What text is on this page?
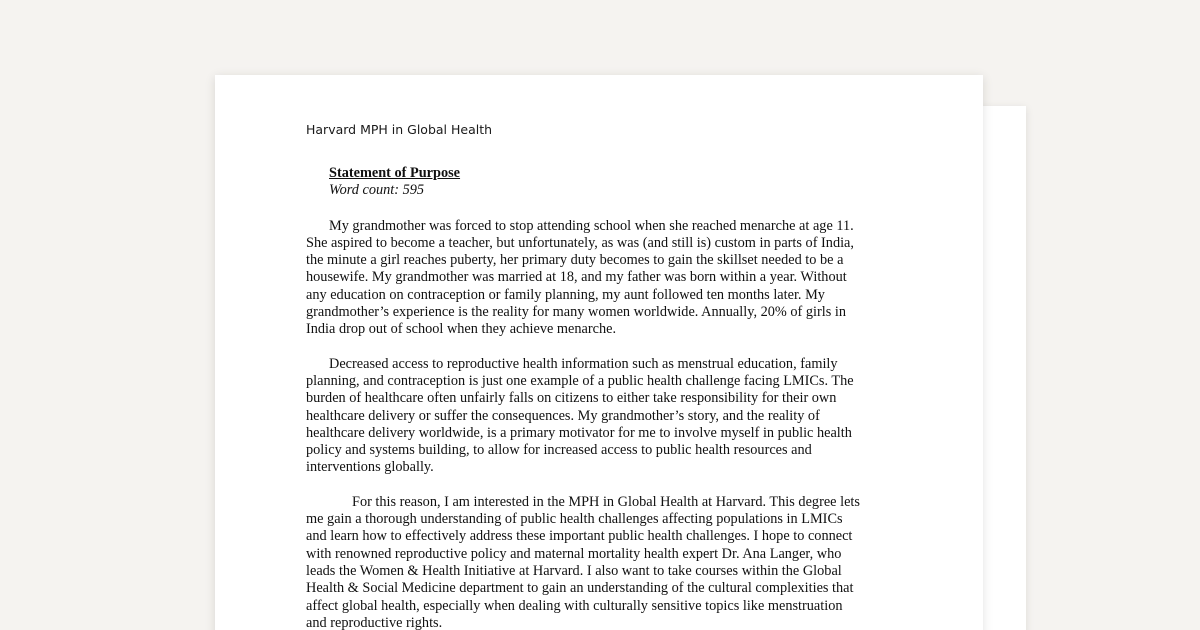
Harvard MPH in Global Health
Statement of Purpose
Word count: 595
My grandmother was forced to stop attending school when she reached menarche at age 11.
She aspired to become a teacher, but unfortunately, as was (and still is) custom in parts of India,
the minute a girl reaches puberty, her primary duty becomes to gain the skillset needed to be a
housewife. My grandmother was married at 18, and my father was born within a year. Without
any education on contraception or family planning, my aunt followed ten months later. My
grandmother’s experience is the reality for many women worldwide. Annually, 20% of girls in
India drop out of school when they achieve menarche.
Decreased access to reproductive health information such as menstrual education, family
planning, and contraception is just one example of a public health challenge facing LMICs. The
burden of healthcare often unfairly falls on citizens to either take responsibility for their own
healthcare delivery or suffer the consequences. My grandmother’s story, and the reality of
healthcare delivery worldwide, is a primary motivator for me to involve myself in public health
policy and systems building, to allow for increased access to public health resources and
interventions globally.
For this reason, I am interested in the MPH in Global Health at Harvard. This degree lets
me gain a thorough understanding of public health challenges affecting populations in LMICs
and learn how to effectively address these important public health challenges. I hope to connect
with renowned reproductive policy and maternal mortality health expert Dr. Ana Langer, who
leads the Women & Health Initiative at Harvard. I also want to take courses within the Global
Health & Social Medicine department to gain an understanding of the cultural complexities that
affect global health, especially when dealing with culturally sensitive topics like menstruation
and reproductive rights.
